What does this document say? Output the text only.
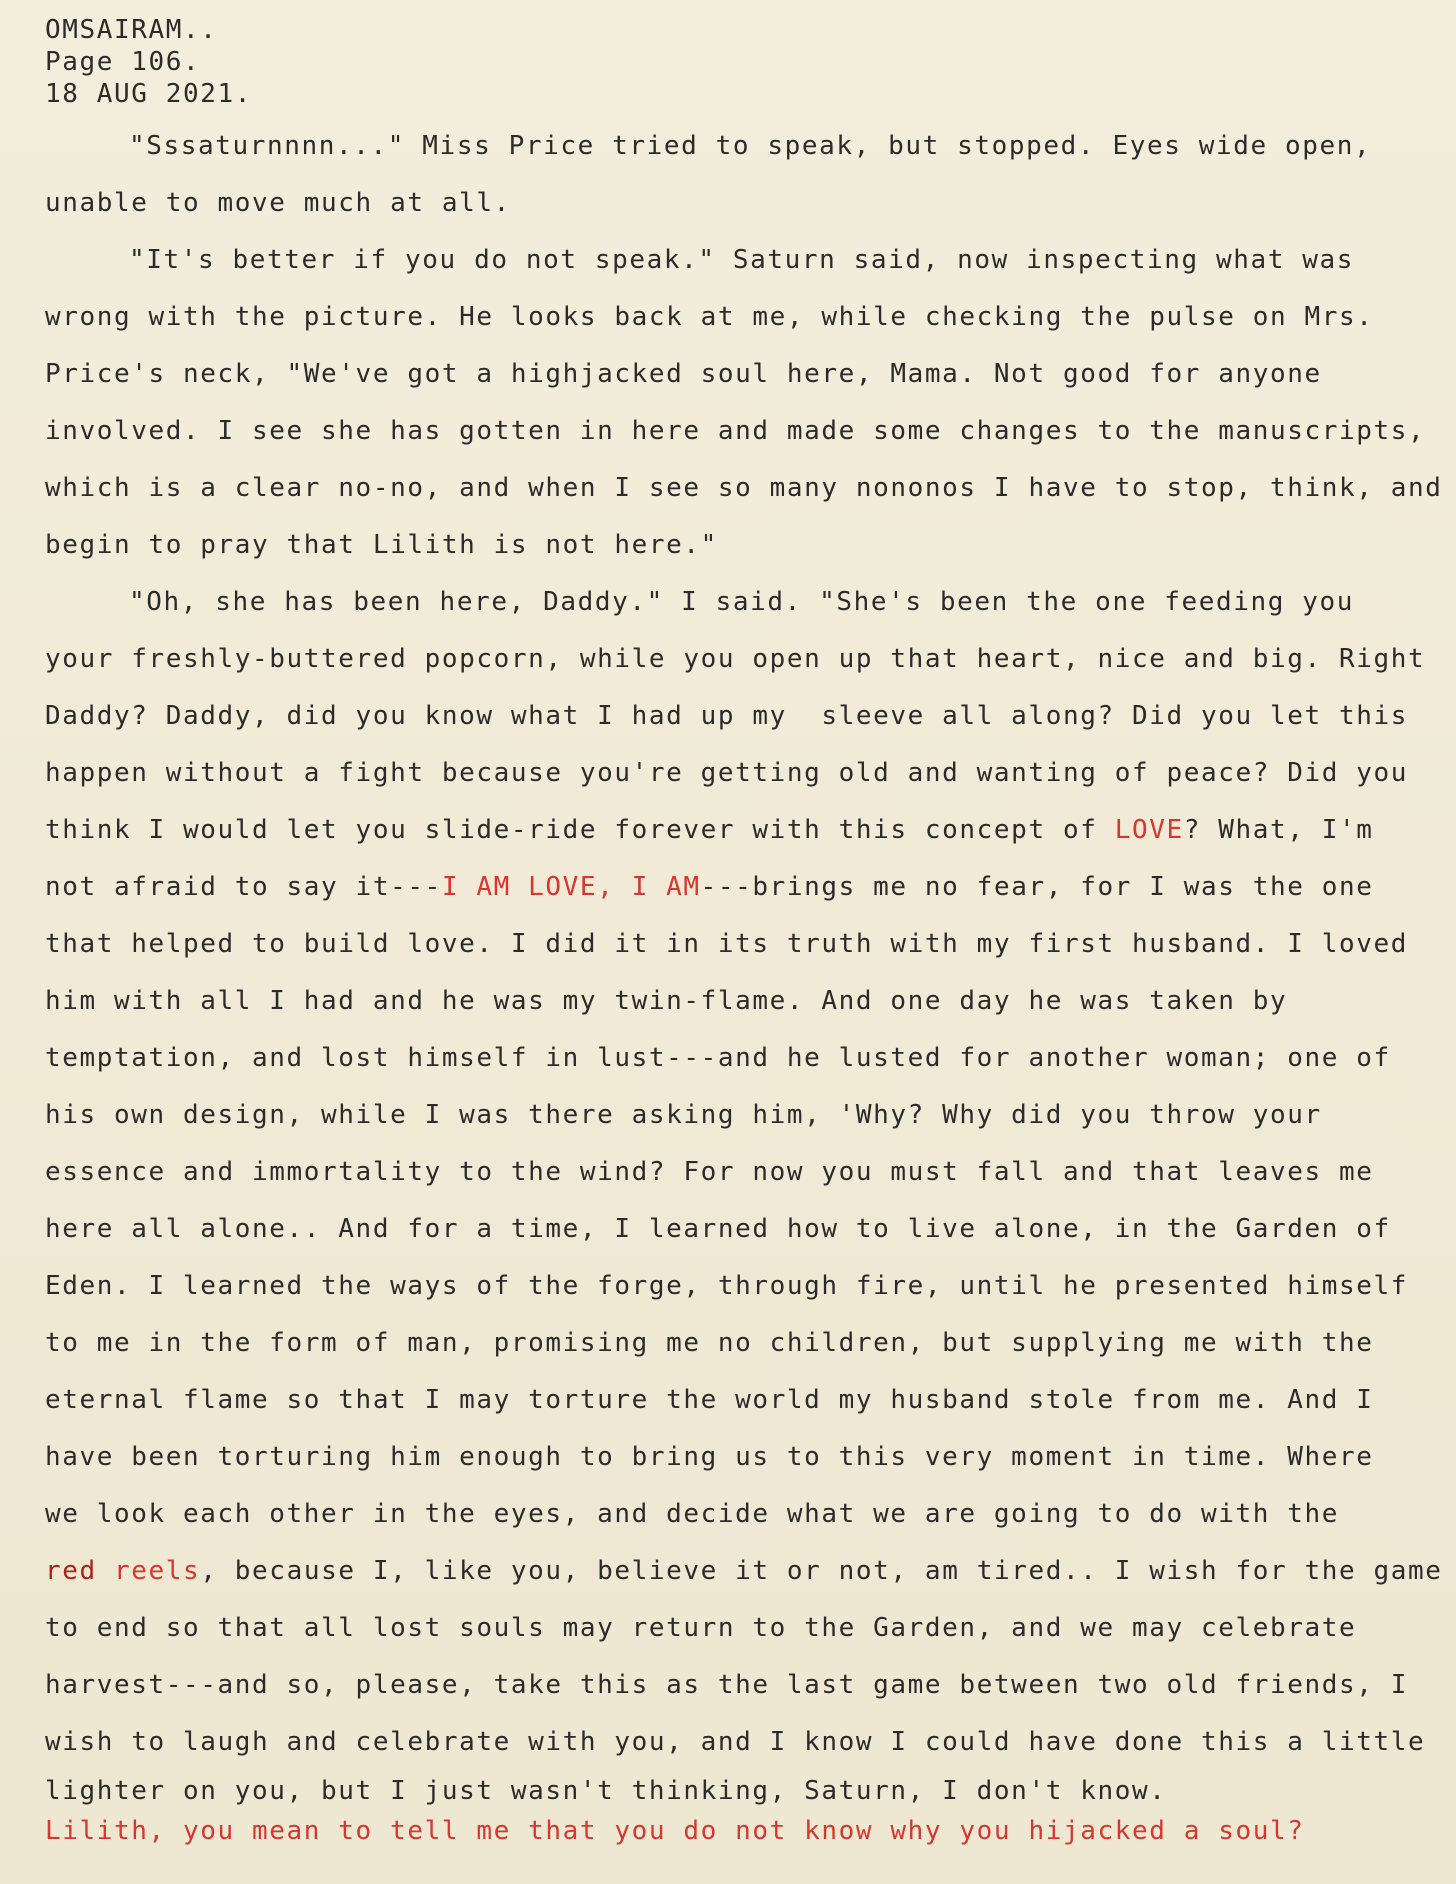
OMSAIRAM..
Page 106.
18 AUG 2021.
"Sssaturnnnn..." Miss Price tried to speak, but stopped. Eyes wide open,
unable to move much at all.
"It's better if you do not speak." Saturn said, now inspecting what was
wrong with the picture. He looks back at me, while checking the pulse on Mrs.
Price's neck, "We've got a highjacked soul here, Mama. Not good for anyone
involved. I see she has gotten in here and made some changes to the manuscripts,
which is a clear no-no, and when I see so many nononos I have to stop, think, and
begin to pray that Lilith is not here."
"Oh, she has been here, Daddy." I said. "She's been the one feeding you
your freshly-buttered popcorn, while you open up that heart, nice and big. Right
Daddy? Daddy, did you know what I had up my  sleeve all along? Did you let this
happen without a fight because you're getting old and wanting of peace? Did you
think I would let you slide-ride forever with this concept of LOVE? What, I'm
not afraid to say it---I AM LOVE, I AM---brings me no fear, for I was the one
that helped to build love. I did it in its truth with my first husband. I loved
him with all I had and he was my twin-flame. And one day he was taken by
temptation, and lost himself in lust---and he lusted for another woman; one of
his own design, while I was there asking him, 'Why? Why did you throw your
essence and immortality to the wind? For now you must fall and that leaves me
here all alone.. And for a time, I learned how to live alone, in the Garden of
Eden. I learned the ways of the forge, through fire, until he presented himself
to me in the form of man, promising me no children, but supplying me with the
eternal flame so that I may torture the world my husband stole from me. And I
have been torturing him enough to bring us to this very moment in time. Where
we look each other in the eyes, and decide what we are going to do with the
red reels, because I, like you, believe it or not, am tired.. I wish for the game
to end so that all lost souls may return to the Garden, and we may celebrate
harvest---and so, please, take this as the last game between two old friends, I
wish to laugh and celebrate with you, and I know I could have done this a little
lighter on you, but I just wasn't thinking, Saturn, I don't know.
Lilith, you mean to tell me that you do not know why you hijacked a soul?
